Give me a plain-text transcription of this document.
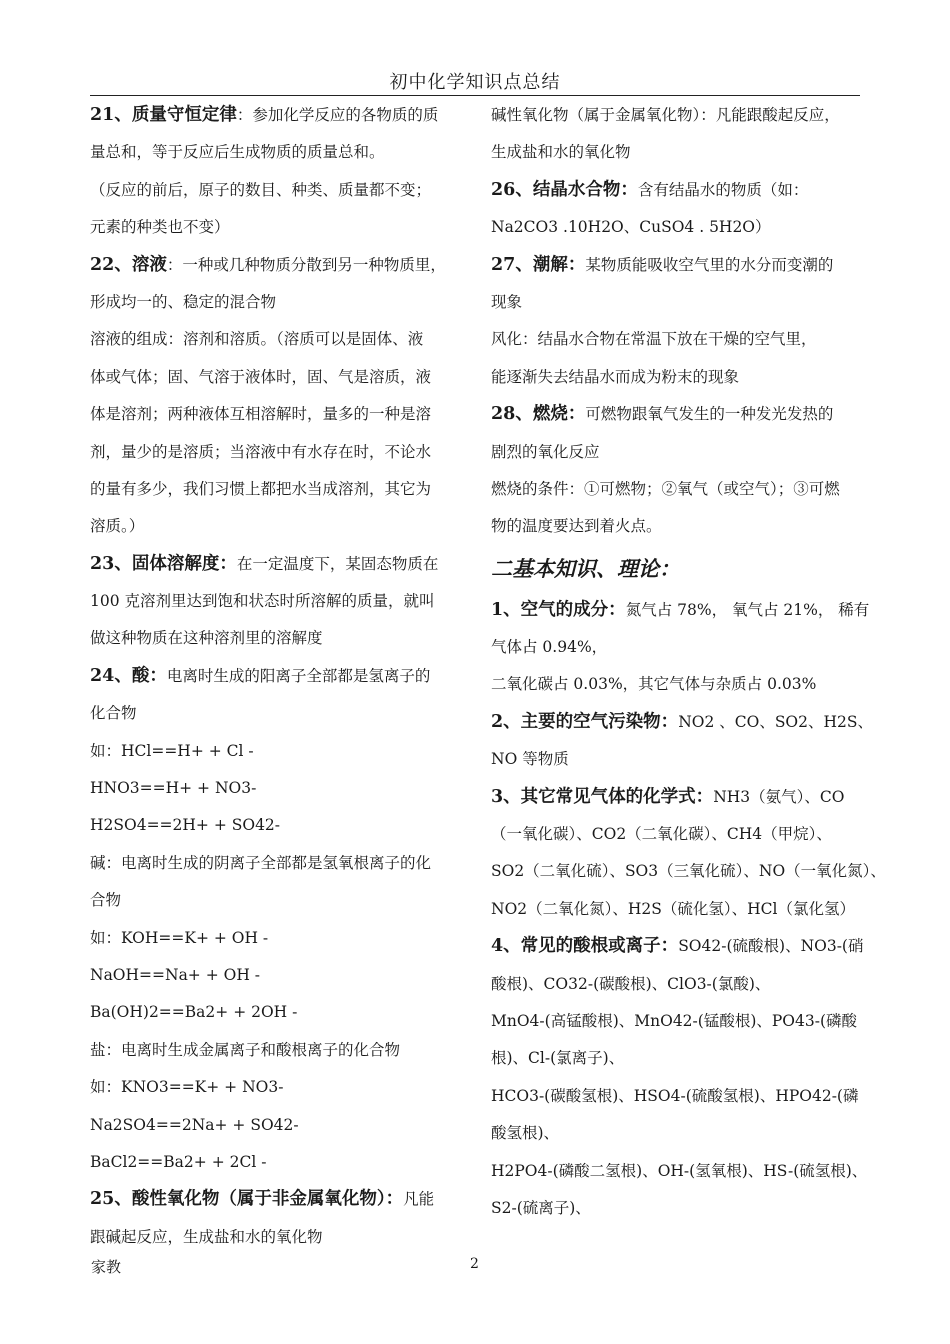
初中化学知识点总结
21、质量守恒定律：参加化学反应的各物质的质
量总和，等于反应后生成物质的质量总和。
（反应的前后，原子的数目、种类、质量都不变；
元素的种类也不变）
22、溶液：一种或几种物质分散到另一种物质里，
形成均一的、稳定的混合物
溶液的组成：溶剂和溶质。（溶质可以是固体、液
体或气体；固、气溶于液体时，固、气是溶质，液
体是溶剂；两种液体互相溶解时，量多的一种是溶
剂，量少的是溶质；当溶液中有水存在时，不论水
的量有多少，我们习惯上都把水当成溶剂，其它为
溶质。）
23、固体溶解度：在一定温度下，某固态物质在
100 克溶剂里达到饱和状态时所溶解的质量，就叫
做这种物质在这种溶剂里的溶解度
24、酸：电离时生成的阳离子全部都是氢离子的
化合物
如：HCl==H+ + Cl -
HNO3==H+ + NO3-
H2SO4==2H+ + SO42-
碱：电离时生成的阴离子全部都是氢氧根离子的化
合物
如：KOH==K+ + OH -
NaOH==Na+ + OH -
Ba(OH)2==Ba2+ + 2OH -
盐：电离时生成金属离子和酸根离子的化合物
如：KNO3==K+ + NO3-
Na2SO4==2Na+ + SO42-
BaCl2==Ba2+ + 2Cl -
25、酸性氧化物（属于非金属氧化物）：凡能
跟碱起反应，生成盐和水的氧化物
碱性氧化物（属于金属氧化物）：凡能跟酸起反应，
生成盐和水的氧化物
26、结晶水合物：含有结晶水的物质（如：
Na2CO3 .10H2O、CuSO4 . 5H2O）
27、潮解：某物质能吸收空气里的水分而变潮的
现象
风化：结晶水合物在常温下放在干燥的空气里，
能逐渐失去结晶水而成为粉末的现象
28、燃烧：可燃物跟氧气发生的一种发光发热的
剧烈的氧化反应
燃烧的条件：①可燃物；②氧气（或空气）；③可燃
物的温度要达到着火点。
二基本知识、理论：
1、空气的成分：氮气占 78%， 氧气占 21%， 稀有
气体占 0.94%，
二氧化碳占 0.03%，其它气体与杂质占 0.03%
2、主要的空气污染物：NO2 、CO、SO2、H2S、
NO 等物质
3、其它常见气体的化学式：NH3（氨气）、CO
（一氧化碳）、CO2（二氧化碳）、CH4（甲烷）、
SO2（二氧化硫）、SO3（三氧化硫）、NO（一氧化氮）、
NO2（二氧化氮）、H2S（硫化氢）、HCl（氯化氢）
4、常见的酸根或离子：SO42-(硫酸根)、NO3-(硝
酸根)、CO32-(碳酸根)、ClO3-(氯酸)、
MnO4-(高锰酸根)、MnO42-(锰酸根)、PO43-(磷酸
根)、Cl-(氯离子)、
HCO3-(碳酸氢根)、HSO4-(硫酸氢根)、HPO42-(磷
酸氢根)、
H2PO4-(磷酸二氢根)、OH-(氢氧根)、HS-(硫氢根)、
S2-(硫离子)、
家教	2
